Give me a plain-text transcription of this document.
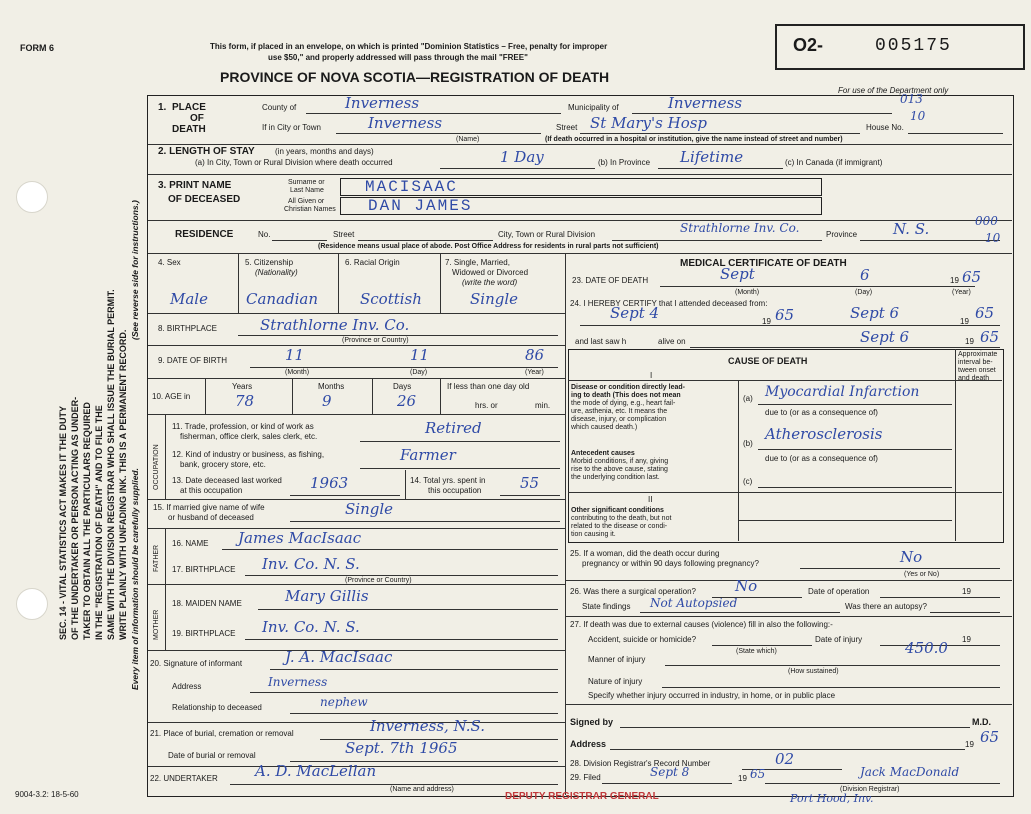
FORM 6	This form, if placed in an envelope, on which is printed "Dominion Statistics – Free, penalty for improper
use $50," and properly addressed will pass through the mail "FREE"
PROVINCE OF NOVA SCOTIA—REGISTRATION OF DEATH
O2-	005175
For use of the Department only
SEC. 14 - VITAL STATISTICS ACT MAKES IT THE DUTY OF THE UNDERTAKER OR PERSON ACTING AS UNDER- TAKER TO OBTAIN ALL THE PARTICULARS REQUIRED IN THE "REGISTRATION OF DEATH" AND TO FILE THE SAME WITH THE DIVISION REGISTRAR WHO SHALL ISSUE THE BURIAL PERMIT. WRITE PLAINLY WITH UNFADING INK. THIS IS A PERMANENT RECORD. Every item of information should be carefully supplied.
(See reverse side for instructions.)
1. PLACE
OF
DEATH
County of	Inverness	Municipality of	Inverness	013
10
If in City or Town	Inverness
(Name)
Street St Mary's Hosp	House No.
(If death occurred in a hospital or institution, give the name instead of street and number)
2. LENGTH OF STAY	(in years, months and days)
(a) In City, Town or Rural Division where death occurred	1 Day	(b) In Province Lifetime	(c) In Canada (if immigrant)
3. PRINT NAME
OF DECEASED
Surname or
Last Name	MACISAAC
All Given or
Christian Names DAN JAMES
RESIDENCE	No.	Street	City, Town or Rural Division	Strathlorne Inv. Co.	Province N. S.	000
10
(Residence means usual place of abode. Post Office Address for residents in rural parts not sufficient)
4. Sex	5. Citizenship
(Nationality)
6. Racial Origin	7. Single, Married,
Widowed or Divorced
(write the word)
Male	Canadian	Scottish	Single
8. BIRTHPLACE	Strathlorne Inv. Co.
(Province or Country)
9. DATE OF BIRTH	11	11	86
(Month)	(Day)	(Year)
10. AGE in
Years	Months	Days	If less than one day old
78	9	26	hrs. or	min.
OCCUPATION
11. Trade, profession, or kind of work as
fisherman, office clerk, sales clerk, etc.	Retired
12. Kind of industry or business, as fishing,
bank, grocery store, etc.
Farmer
13. Date deceased last worked
at this occupation	1963	14. Total yrs. spent in
this occupation	55
15. If married give name of wife
or husband of deceased	Single
FATHER
16. NAME James MacIsaac
17. BIRTHPLACE Inv. Co. N. S.
(Province or Country)
MOTHER
18. MAIDEN NAME	Mary Gillis
19. BIRTHPLACE Inv. Co. N. S.
20. Signature of informant	J. A. MacIsaac
Address	Inverness
Relationship to deceased	nephew
21. Place of burial, cremation or removal	Inverness, N.S.
Date of burial or removal	Sept. 7th 1965
22. UNDERTAKER A. D. MacLellan
(Name and address)
MEDICAL CERTIFICATE OF DEATH
23. DATE OF DEATH	Sept	6	19 65
(Month)	(Day)	(Year)
24. I HEREBY CERTIFY that I attended deceased from:
Sept 4	19 65	Sept 6	19 65
and last saw h	alive on	Sept 6	19 65
CAUSE OF DEATH
Approximate
interval be-
tween onset
and death
I
Disease or condition directly lead-
ing to death (This does not mean
the mode of dying, e.g., heart fail-
ure, asthenia, etc. It means the
disease, injury, or complication
which caused death.)
(a) Myocardial Infarction
due to (or as a consequence of)
Antecedent causes
Morbid conditions, if any, giving
rise to the above cause, stating
the underlying condition last.
(b)
Atherosclerosis
due to (or as a consequence of)
(c)
II
Other significant conditions
contributing to the death, but not
related to the disease or condi-
tion causing it.
25. If a woman, did the death occur during
pregnancy or within 90 days following pregnancy?	No
(Yes or No)
26. Was there a surgical operation?	No	Date of operation	19
State findings Not Autopsied	Was there an autopsy?
27. If death was due to external causes (violence) fill in also the following:-
Accident, suicide or homicide?	Date of injury	19
(State which)	450.0
Manner of injury
(How sustained)
Nature of injury
Specify whether injury occurred in industry, in home, or in public place
Signed by	M.D.
Address	19 65
28. Division Registrar's Record Number	02
29. Filed	Sept 8	19 65	Jack MacDonald
(Division Registrar)
Port Hood, Inv.
DEPUTY REGISTRAR GENERAL
9004-3.2: 18-5-60
